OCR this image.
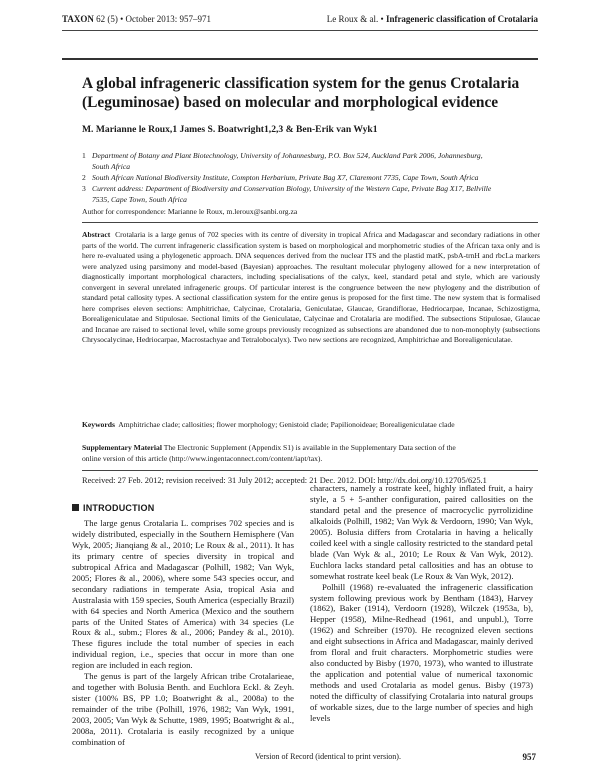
TAXON 62 (5) • October 2013: 957–971	Le Roux & al. • Infrageneric classification of Crotalaria
A global infrageneric classification system for the genus Crotalaria
(Leguminosae) based on molecular and morphological evidence
M. Marianne le Roux,1 James S. Boatwright1,2,3 & Ben-Erik van Wyk1
1 Department of Botany and Plant Biotechnology, University of Johannesburg, P.O. Box 524, Auckland Park 2006, Johannesburg,
South Africa
2 South African National Biodiversity Institute, Compton Herbarium, Private Bag X7, Claremont 7735, Cape Town, South Africa
3 Current address: Department of Biodiversity and Conservation Biology, University of the Western Cape, Private Bag X17, Bellville
7535, Cape Town, South Africa
Author for correspondence: Marianne le Roux, m.leroux@sanbi.org.za
Abstract Crotalaria is a large genus of 702 species with its centre of diversity in tropical Africa and Madagascar and secondary radiations in other parts of the world. The current infrageneric classification system is based on morphological and morphometric studies of the African taxa only and is here re-evaluated using a phylogenetic approach. DNA sequences derived from the nuclear ITS and the plastid matK, psbA-trnH and rbcLa markers were analyzed using parsimony and model-based (Bayesian) approaches. The resultant molecular phylogeny allowed for a new interpretation of diagnostically important morphological characters, including specialisations of the calyx, keel, standard petal and style, which are variously convergent in several unrelated infrageneric groups. Of particular interest is the congruence between the new phylogeny and the distribution of standard petal callosity types. A sectional classification system for the entire genus is proposed for the first time. The new system that is formalised here comprises eleven sections: Amphitrichae, Calycinae, Crotalaria, Geniculatae, Glaucae, Grandiflorae, Hedriocarpae, Incanae, Schizostigma, Borealigeniculatae and Stipulosae. Sectional limits of the Geniculatae, Calycinae and Crotalaria are modified. The subsections Stipulosae, Glaucae and Incanae are raised to sectional level, while some groups previously recognized as subsections are abandoned due to non-monophyly (subsections Chrysocalycinae, Hedriocarpae, Macrostachyae and Tetralobocalyx). Two new sections are recognized, Amphitrichae and Borealigeniculatae.
Keywords Amphitrichae clade; callosities; flower morphology; Genistoid clade; Papilionoideae; Borealigeniculatae clade
Supplementary Material The Electronic Supplement (Appendix S1) is available in the Supplementary Data section of the
online version of this article (http://www.ingentaconnect.com/content/iapt/tax).
Received: 27 Feb. 2012; revision received: 31 July 2012; accepted: 21 Dec. 2012. DOI: http://dx.doi.org/10.12705/625.1
INTRODUCTION

The large genus Crotalaria L. comprises 702 species and is widely distributed, especially in the Southern Hemisphere (Van Wyk, 2005; Jianqiang & al., 2010; Le Roux & al., 2011). It has its primary centre of species diversity in tropical and subtropical Africa and Madagascar (Polhill, 1982; Van Wyk, 2005; Flores & al., 2006), where some 543 species occur, and secondary radiations in temperate Asia, tropical Asia and Australasia with 159 species, South America (especially Brazil) with 64 species and North America (Mexico and the southern parts of the United States of America) with 34 species (Le Roux & al., subm.; Flores & al., 2006; Pandey & al., 2010). These figures include the total number of species in each individual region, i.e., species that occur in more than one region are included in each region.

The genus is part of the largely African tribe Crotalarieae, and together with Bolusia Benth. and Euchlora Eckl. & Zeyh. sister (100% BS, PP 1.0; Boatwright & al., 2008a) to the remainder of the tribe (Polhill, 1976, 1982; Van Wyk, 1991, 2003, 2005; Van Wyk & Schutte, 1989, 1995; Boatwright & al., 2008a, 2011). Crotalaria is easily recognized by a unique combination of

characters, namely a rostrate keel, highly inflated fruit, a hairy style, a 5 + 5-anther configuration, paired callosities on the standard petal and the presence of macrocyclic pyrrolizidine alkaloids (Polhill, 1982; Van Wyk & Verdoorn, 1990; Van Wyk, 2005). Bolusia differs from Crotalaria in having a helically coiled keel with a single callosity restricted to the standard petal blade (Van Wyk & al., 2010; Le Roux & Van Wyk, 2012). Euchlora lacks standard petal callosities and has an obtuse to somewhat rostrate keel beak (Le Roux & Van Wyk, 2012).

Polhill (1968) re-evaluated the infrageneric classification system following previous work by Bentham (1843), Harvey (1862), Baker (1914), Verdoorn (1928), Wilczek (1953a, b), Hepper (1958), Milne-Redhead (1961, and unpubl.), Torre (1962) and Schreiber (1970). He recognized eleven sections and eight subsections in Africa and Madagascar, mainly derived from floral and fruit characters. Morphometric studies were also conducted by Bisby (1970, 1973), who wanted to illustrate the application and potential value of numerical taxonomic methods and used Crotalaria as model genus. Bisby (1973) noted the difficulty of classifying Crotalaria into natural groups of workable sizes, due to the large number of species and high levels

Version of Record (identical to print version).	957
